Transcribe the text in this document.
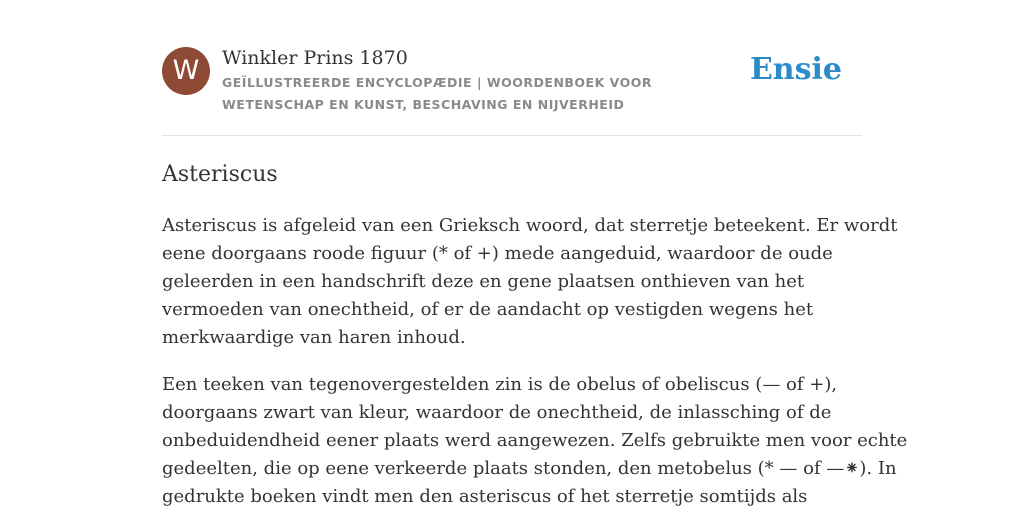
W	Winkler Prins 1870
GEÏLLUSTREERDE ENCYCLOPÆDIE | WOORDENBOEK VOOR WETENSCHAP EN KUNST, BESCHAVING EN NIJVERHEID
Ensie
Asteriscus

Asteriscus is afgeleid van een Grieksch woord, dat sterretje beteekent. Er wordt
eene doorgaans roode figuur (* of +) mede aangeduid, waardoor de oude
geleerden in een handschrift deze en gene plaatsen onthieven van het
vermoeden van onechtheid, of er de aandacht op vestigden wegens het
merkwaardige van haren inhoud.

Een teeken van tegenovergestelden zin is de obelus of obeliscus (— of +),
doorgaans zwart van kleur, waardoor de onechtheid, de inlassching of de
onbeduidendheid eener plaats werd aangewezen. Zelfs gebruikte men voor echte
gedeelten, die op eene verkeerde plaats stonden, den metobelus (* — of —⁕). In
gedrukte boeken vindt men den asteriscus of het sterretje somtijds als
